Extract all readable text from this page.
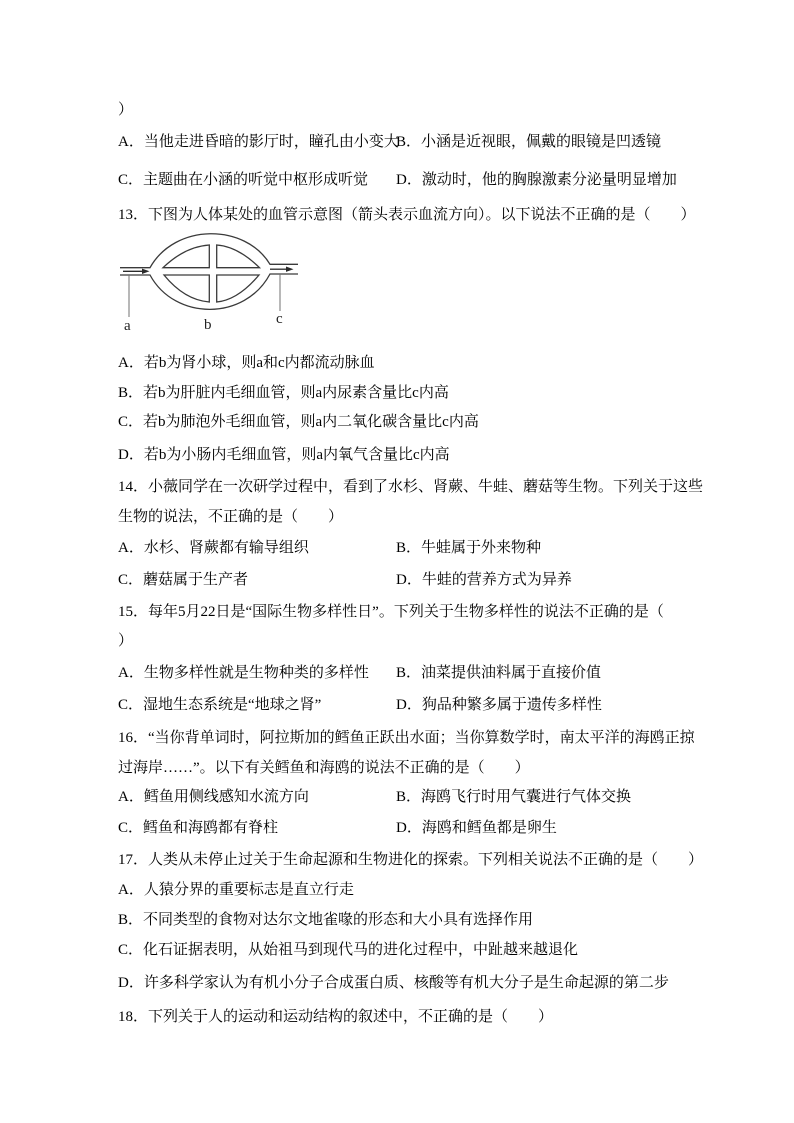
）
A．当他走进昏暗的影厅时，瞳孔由小变大
B．小涵是近视眼，佩戴的眼镜是凹透镜
C．主题曲在小涵的听觉中枢形成听觉 D．激动时，他的胸腺激素分泌量明显增加
13．下图为人体某处的血管示意图（箭头表示血流方向）。以下说法不正确的是（　　）
a	b	c
A．若b为肾小球，则a和c内都流动脉血
B．若b为肝脏内毛细血管，则a内尿素含量比c内高
C．若b为肺泡外毛细血管，则a内二氧化碳含量比c内高
D．若b为小肠内毛细血管，则a内氧气含量比c内高
14．小薇同学在一次研学过程中，看到了水杉、肾蕨、牛蛙、蘑菇等生物。下列关于这些
生物的说法，不正确的是（　　）
A．水杉、肾蕨都有输导组织	B．牛蛙属于外来物种
C．蘑菇属于生产者	D．牛蛙的营养方式为异养
15．每年5月22日是“国际生物多样性日”。下列关于生物多样性的说法不正确的是（
）
A．生物多样性就是生物种类的多样性 B．油菜提供油料属于直接价值
C．湿地生态系统是“地球之肾”	D．狗品种繁多属于遗传多样性
16．“当你背单词时，阿拉斯加的鳕鱼正跃出水面；当你算数学时，南太平洋的海鸥正掠
过海岸……”。以下有关鳕鱼和海鸥的说法不正确的是（　　）
A．鳕鱼用侧线感知水流方向	B．海鸥飞行时用气囊进行气体交换
C．鳕鱼和海鸥都有脊柱	D．海鸥和鳕鱼都是卵生
17．人类从未停止过关于生命起源和生物进化的探索。下列相关说法不正确的是（　　）
A．人猿分界的重要标志是直立行走
B．不同类型的食物对达尔文地雀喙的形态和大小具有选择作用
C．化石证据表明，从始祖马到现代马的进化过程中，中趾越来越退化
D．许多科学家认为有机小分子合成蛋白质、核酸等有机大分子是生命起源的第二步
18．下列关于人的运动和运动结构的叙述中，不正确的是（　　）
